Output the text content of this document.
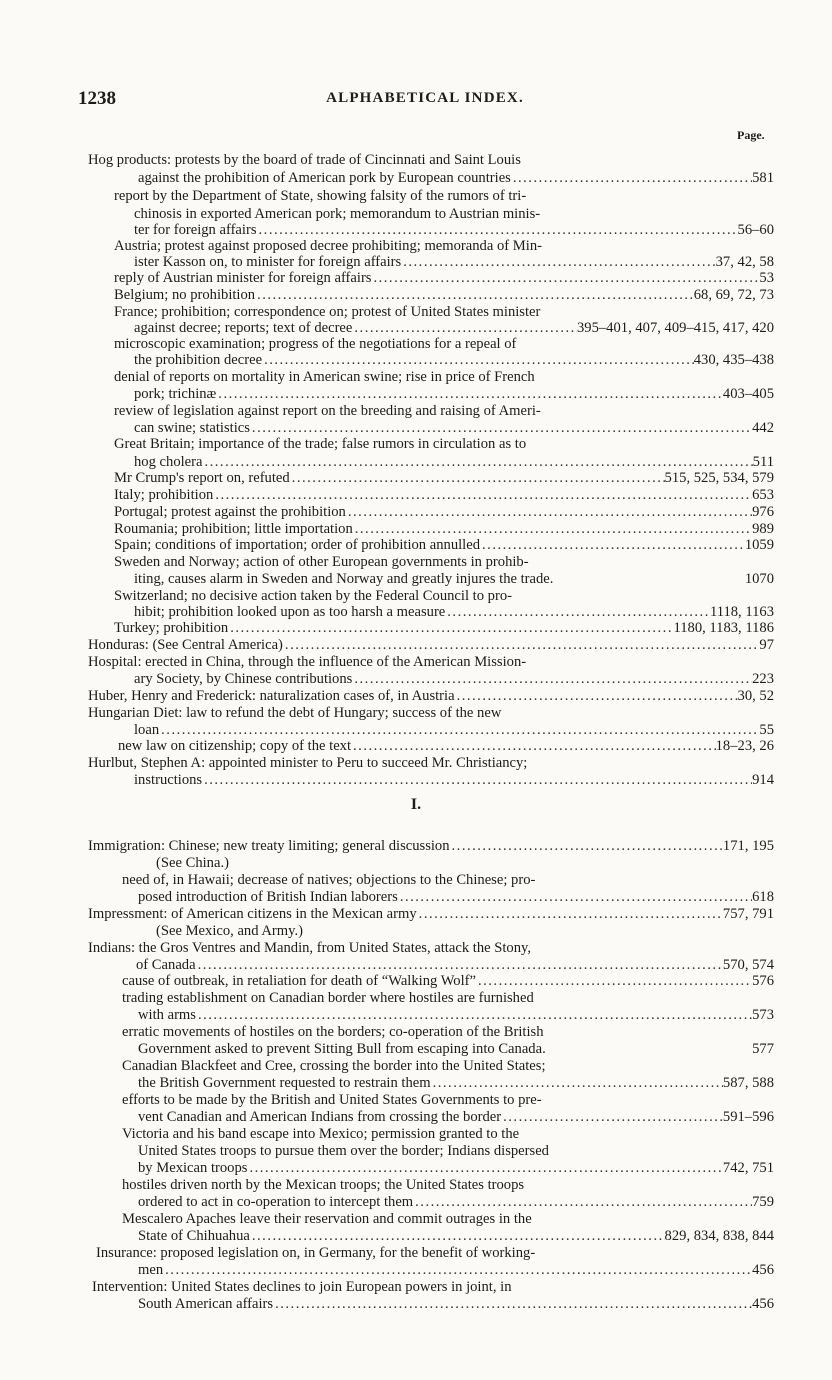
1238	ALPHABETICAL INDEX.
Page.
Hog products: protests by the board of trade of Cincinnati and Saint Louis
against the prohibition of American pork by European countries .....	581
report by the Department of State, showing falsity of the rumors of tri-
chinosis in exported American pork; memorandum to Austrian minis-
ter for foreign affairs .....	56–60
Austria; protest against proposed decree prohibiting; memoranda of Min-
ister Kasson on, to minister for foreign affairs .....	37, 42, 58
reply of Austrian minister for foreign affairs .....	53
Belgium; no prohibition .....	68, 69, 72, 73
France; prohibition; correspondence on; protest of United States minister
against decree; reports; text of decree .....	395–401, 407, 409–415, 417, 420
microscopic examination; progress of the negotiations for a repeal of
the prohibition decree .....	430, 435–438
denial of reports on mortality in American swine; rise in price of French
pork; trichinæ .....	403–405
review of legislation against report on the breeding and raising of Ameri-
can swine; statistics .....	442
Great Britain; importance of the trade; false rumors in circulation as to
hog cholera .....	511
Mr Crump's report on, refuted .....	515, 525, 534, 579
Italy; prohibition .....	653
Portugal; protest against the prohibition .....	976
Roumania; prohibition; little importation .....	989
Spain; conditions of importation; order of prohibition annulled .....	1059
Sweden and Norway; action of other European governments in prohib-
iting, causes alarm in Sweden and Norway and greatly injures the trade.	1070
Switzerland; no decisive action taken by the Federal Council to pro-
hibit; prohibition looked upon as too harsh a measure .....	1118, 1163
Turkey; prohibition .....	1180, 1183, 1186
Honduras: (See Central America) .....	97
Hospital: erected in China, through the influence of the American Mission-
ary Society, by Chinese contributions .....	223
Huber, Henry and Frederick: naturalization cases of, in Austria .....	30, 52
Hungarian Diet: law to refund the debt of Hungary; success of the new
loan .....	55
new law on citizenship; copy of the text .....	18–23, 26
Hurlbut, Stephen A: appointed minister to Peru to succeed Mr. Christiancy;
instructions .....	914
I.
Immigration: Chinese; new treaty limiting; general discussion .....	171, 195
(See China.)
need of, in Hawaii; decrease of natives; objections to the Chinese; pro-
posed introduction of British Indian laborers .....	618
Impressment: of American citizens in the Mexican army .....	757, 791
(See Mexico, and Army.)
Indians: the Gros Ventres and Mandin, from United States, attack the Stony,
of Canada .....	570, 574
cause of outbreak, in retaliation for death of “Walking Wolf” .....	576
trading establishment on Canadian border where hostiles are furnished
with arms .....	573
erratic movements of hostiles on the borders; co-operation of the British
Government asked to prevent Sitting Bull from escaping into Canada.	577
Canadian Blackfeet and Cree, crossing the border into the United States;
the British Government requested to restrain them .....	587, 588
efforts to be made by the British and United States Governments to pre-
vent Canadian and American Indians from crossing the border .....	591–596
Victoria and his band escape into Mexico; permission granted to the
United States troops to pursue them over the border; Indians dispersed
by Mexican troops .....	742, 751
hostiles driven north by the Mexican troops; the United States troops
ordered to act in co-operation to intercept them .....	759
Mescalero Apaches leave their reservation and commit outrages in the
State of Chihuahua .....	829, 834, 838, 844
Insurance: proposed legislation on, in Germany, for the benefit of working-
men .....	456
Intervention: United States declines to join European powers in joint, in
South American affairs .....	456
